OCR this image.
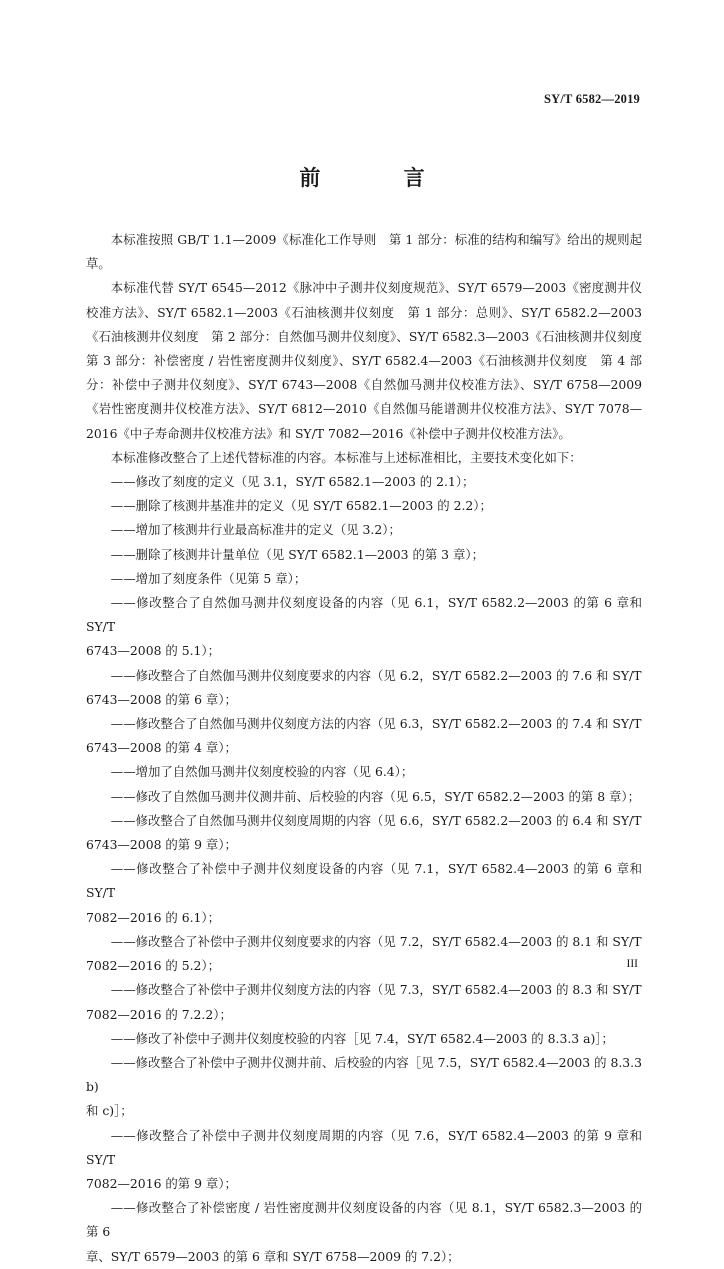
SY/T 6582—2019
前 言

本标准按照 GB/T 1.1—2009《标准化工作导则　第 1 部分：标准的结构和编写》给出的规则起草。

本标准代替 SY/T 6545—2012《脉冲中子测井仪刻度规范》、SY/T 6579—2003《密度测井仪校准方法》、SY/T 6582.1—2003《石油核测井仪刻度　第 1 部分：总则》、SY/T 6582.2—2003《石油核测井仪刻度　第 2 部分：自然伽马测井仪刻度》、SY/T 6582.3—2003《石油核测井仪刻度　第 3 部分：补偿密度 / 岩性密度测井仪刻度》、SY/T 6582.4—2003《石油核测井仪刻度　第 4 部分：补偿中子测井仪刻度》、SY/T 6743—2008《自然伽马测井仪校准方法》、SY/T 6758—2009《岩性密度测井仪校准方法》、SY/T 6812—2010《自然伽马能谱测井仪校准方法》、SY/T 7078—2016《中子寿命测井仪校准方法》和 SY/T 7082—2016《补偿中子测井仪校准方法》。

本标准修改整合了上述代替标准的内容。本标准与上述标准相比，主要技术变化如下：

——修改了刻度的定义（见 3.1，SY/T 6582.1—2003 的 2.1）；
——删除了核测井基准井的定义（见 SY/T 6582.1—2003 的 2.2）；
——增加了核测井行业最高标准井的定义（见 3.2）；
——删除了核测井计量单位（见 SY/T 6582.1—2003 的第 3 章）；
——增加了刻度条件（见第 5 章）；
——修改整合了自然伽马测井仪刻度设备的内容（见 6.1，SY/T 6582.2—2003 的第 6 章和 SY/T
6743—2008 的 5.1）；
——修改整合了自然伽马测井仪刻度要求的内容（见 6.2，SY/T 6582.2—2003 的 7.6 和 SY/T
6743—2008 的第 6 章）；
——修改整合了自然伽马测井仪刻度方法的内容（见 6.3，SY/T 6582.2—2003 的 7.4 和 SY/T
6743—2008 的第 4 章）；
——增加了自然伽马测井仪刻度校验的内容（见 6.4）；
——修改了自然伽马测井仪测井前、后校验的内容（见 6.5，SY/T 6582.2—2003 的第 8 章）；
——修改整合了自然伽马测井仪刻度周期的内容（见 6.6，SY/T 6582.2—2003 的 6.4 和 SY/T
6743—2008 的第 9 章）；
——修改整合了补偿中子测井仪刻度设备的内容（见 7.1，SY/T 6582.4—2003 的第 6 章和 SY/T
7082—2016 的 6.1）；
——修改整合了补偿中子测井仪刻度要求的内容（见 7.2，SY/T 6582.4—2003 的 8.1 和 SY/T
7082—2016 的 5.2）；
——修改整合了补偿中子测井仪刻度方法的内容（见 7.3，SY/T 6582.4—2003 的 8.3 和 SY/T
7082—2016 的 7.2.2）；
——修改了补偿中子测井仪刻度校验的内容［见 7.4，SY/T 6582.4—2003 的 8.3.3 a)］；
——修改整合了补偿中子测井仪测井前、后校验的内容［见 7.5，SY/T 6582.4—2003 的 8.3.3 b)
和 c)］；
——修改整合了补偿中子测井仪刻度周期的内容（见 7.6，SY/T 6582.4—2003 的第 9 章和 SY/T
7082—2016 的第 9 章）；
——修改整合了补偿密度 / 岩性密度测井仪刻度设备的内容（见 8.1，SY/T 6582.3—2003 的第 6
章、SY/T 6579—2003 的第 6 章和 SY/T 6758—2009 的 7.2）；
III
